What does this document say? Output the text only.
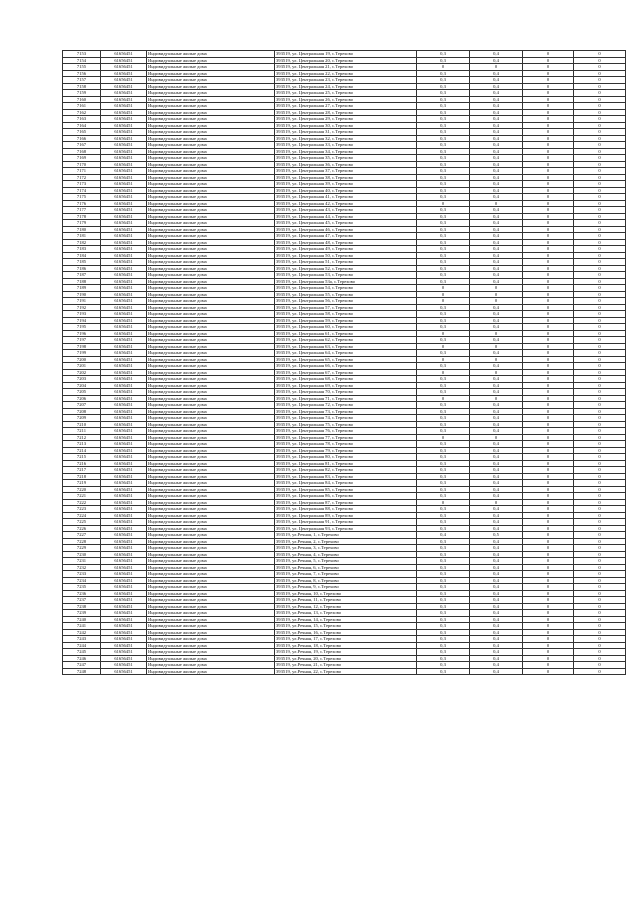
7153	61656451	Индивидуальные жилые дома	393519, ул. Центральная 19, с.Терехово	0,3	0,4	0	0
7154	61656451	Индивидуальные жилые дома	393519, ул. Центральная 20, с.Терехово	0,3	0,4	0	0
7155	61656451	Индивидуальные жилые дома	393519, ул. Центральная 21, с.Терехово	0	0	0	0
7156	61656451	Индивидуальные жилые дома	393519, ул. Центральная 22, с.Терехово	0,3	0,4	0	0
7157	61656451	Индивидуальные жилые дома	393519, ул. Центральная 23, с.Терехово	0,3	0,4	0	0
7158	61656451	Индивидуальные жилые дома	393519, ул. Центральная 24, с.Терехово	0,3	0,4	0	0
7159	61656451	Индивидуальные жилые дома	393519, ул. Центральная 25, с.Терехово	0,3	0,4	0	0
7160	61656451	Индивидуальные жилые дома	393519, ул. Центральная 26, с.Терехово	0,3	0,4	0	0
7161	61656451	Индивидуальные жилые дома	393519, ул. Центральная 27, с.Терехово	0,3	0,4	0	0
7162	61656451	Индивидуальные жилые дома	393519, ул. Центральная 28, с.Терехово	0,3	0,4	0	0
7163	61656451	Индивидуальные жилые дома	393519, ул. Центральная 29, с.Терехово	0,3	0,4	0	0
7164	61656451	Индивидуальные жилые дома	393519, ул. Центральная 30, с.Терехово	0,3	0,4	0	0
7165	61656451	Индивидуальные жилые дома	393519, ул. Центральная 31, с.Терехово	0,3	0,4	0	0
7166	61656451	Индивидуальные жилые дома	393519, ул. Центральная 32, с.Терехово	0,3	0,4	0	0
7167	61656451	Индивидуальные жилые дома	393519, ул. Центральная 33, с.Терехово	0,3	0,4	0	0
7168	61656451	Индивидуальные жилые дома	393519, ул. Центральная 34, с.Терехово	0,3	0,4	0	0
7169	61656451	Индивидуальные жилые дома	393519, ул. Центральная 35, с.Терехово	0,3	0,4	0	0
7170	61656451	Индивидуальные жилые дома	393519, ул. Центральная 36, с.Терехово	0,3	0,4	0	0
7171	61656451	Индивидуальные жилые дома	393519, ул. Центральная 37, с.Терехово	0,3	0,4	0	0
7172	61656451	Индивидуальные жилые дома	393519, ул. Центральная 38, с.Терехово	0,3	0,4	0	0
7173	61656451	Индивидуальные жилые дома	393519, ул. Центральная 39, с.Терехово	0,3	0,4	0	0
7174	61656451	Индивидуальные жилые дома	393519, ул. Центральная 40, с.Терехово	0,3	0,4	0	0
7175	61656451	Индивидуальные жилые дома	393519, ул. Центральная 41, с.Терехово	0,3	0,4	0	0
7176	61656451	Индивидуальные жилые дома	393519, ул. Центральная 42, с.Терехово	0	0	0	0
7177	61656451	Индивидуальные жилые дома	393519, ул. Центральная 43, с.Терехово	0,3	0,4	0	0
7178	61656451	Индивидуальные жилые дома	393519, ул. Центральная 44, с.Терехово	0,3	0,4	0	0
7179	61656451	Индивидуальные жилые дома	393519, ул. Центральная 45, с.Терехово	0,3	0,4	0	0
7180	61656451	Индивидуальные жилые дома	393519, ул. Центральная 46, с.Терехово	0,3	0,4	0	0
7181	61656451	Индивидуальные жилые дома	393519, ул. Центральная 47, с.Терехово	0,3	0,4	0	0
7182	61656451	Индивидуальные жилые дома	393519, ул. Центральная 48, с.Терехово	0,3	0,4	0	0
7183	61656451	Индивидуальные жилые дома	393519, ул. Центральная 49, с.Терехово	0,3	0,4	0	0
7184	61656451	Индивидуальные жилые дома	393519, ул. Центральная 50, с.Терехово	0,3	0,4	0	0
7185	61656451	Индивидуальные жилые дома	393519, ул. Центральная 51, с.Терехово	0,3	0,4	0	0
7186	61656451	Индивидуальные жилые дома	393519, ул. Центральная 52, с.Терехово	0,3	0,4	0	0
7187	61656451	Индивидуальные жилые дома	393519, ул. Центральная 53, с.Терехово	0,3	0,4	0	0
7188	61656451	Индивидуальные жилые дома	393519, ул. Центральная 53а, с.Терехово	0,3	0,4	0	0
7189	61656451	Индивидуальные жилые дома	393519, ул. Центральная 54, с.Терехово	0	0	0	0
7190	61656451	Индивидуальные жилые дома	393519, ул. Центральная 55, с.Терехово	0	0	0	0
7191	61656451	Индивидуальные жилые дома	393519, ул. Центральная 56, с.Терехово	0	0	0	0
7192	61656451	Индивидуальные жилые дома	393519, ул. Центральная 57, с.Терехово	0,3	0,4	0	0
7193	61656451	Индивидуальные жилые дома	393519, ул. Центральная 58, с.Терехово	0,3	0,4	0	0
7194	61656451	Индивидуальные жилые дома	393519, ул. Центральная 59, с.Терехово	0,3	0,4	0	0
7195	61656451	Индивидуальные жилые дома	393519, ул. Центральная 60, с.Терехово	0,3	0,4	0	0
7196	61656451	Индивидуальные жилые дома	393519, ул. Центральная 61, с.Терехово	0	0	0	0
7197	61656451	Индивидуальные жилые дома	393519, ул. Центральная 62, с.Терехово	0,3	0,4	0	0
7198	61656451	Индивидуальные жилые дома	393519, ул. Центральная 63, с.Терехово	0	0	0	0
7199	61656451	Индивидуальные жилые дома	393519, ул. Центральная 64, с.Терехово	0,3	0,4	0	0
7200	61656451	Индивидуальные жилые дома	393519, ул. Центральная 65, с.Терехово	0	0	0	0
7201	61656451	Индивидуальные жилые дома	393519, ул. Центральная 66, с.Терехово	0,3	0,4	0	0
7202	61656451	Индивидуальные жилые дома	393519, ул. Центральная 67, с.Терехово	0	0	0	0
7203	61656451	Индивидуальные жилые дома	393519, ул. Центральная 68, с.Терехово	0,3	0,4	0	0
7204	61656451	Индивидуальные жилые дома	393519, ул. Центральная 69, с.Терехово	0,3	0,4	0	0
7205	61656451	Индивидуальные жилые дома	393519, ул. Центральная 70, с.Терехово	0,3	0,4	0	0
7206	61656451	Индивидуальные жилые дома	393519, ул. Центральная 71, с.Терехово	0	0	0	0
7207	61656451	Индивидуальные жилые дома	393519, ул. Центральная 72, с.Терехово	0,3	0,4	0	0
7208	61656451	Индивидуальные жилые дома	393519, ул. Центральная 73, с.Терехово	0,3	0,4	0	0
7209	61656451	Индивидуальные жилые дома	393519, ул. Центральная 74, с.Терехово	0,3	0,4	0	0
7210	61656451	Индивидуальные жилые дома	393519, ул. Центральная 75, с.Терехово	0,3	0,4	0	0
7211	61656451	Индивидуальные жилые дома	393519, ул. Центральная 76, с.Терехово	0,3	0,4	0	0
7212	61656451	Индивидуальные жилые дома	393519, ул. Центральная 77, с.Терехово	0	0	0	0
7213	61656451	Индивидуальные жилые дома	393519, ул. Центральная 78, с.Терехово	0,3	0,4	0	0
7214	61656451	Индивидуальные жилые дома	393519, ул. Центральная 79, с.Терехово	0,3	0,4	0	0
7215	61656451	Индивидуальные жилые дома	393519, ул. Центральная 80, с.Терехово	0,3	0,4	0	0
7216	61656451	Индивидуальные жилые дома	393519, ул. Центральная 81, с.Терехово	0,3	0,4	0	0
7217	61656451	Индивидуальные жилые дома	393519, ул. Центральная 82, с.Терехово	0,3	0,4	0	0
7218	61656451	Индивидуальные жилые дома	393519, ул. Центральная 83, с.Терехово	0,3	0,4	0	0
7219	61656451	Индивидуальные жилые дома	393519, ул. Центральная 84, с.Терехово	0,3	0,4	0	0
7220	61656451	Индивидуальные жилые дома	393519, ул. Центральная 85, с.Терехово	0,3	0,4	0	0
7221	61656451	Индивидуальные жилые дома	393519, ул. Центральная 86, с.Терехово	0,3	0,4	0	0
7222	61656451	Индивидуальные жилые дома	393519, ул. Центральная 87, с.Терехово	0	0	0	0
7223	61656451	Индивидуальные жилые дома	393519, ул. Центральная 88, с.Терехово	0,3	0,4	0	0
7224	61656451	Индивидуальные жилые дома	393519, ул. Центральная 89, с.Терехово	0,3	0,4	0	0
7225	61656451	Индивидуальные жилые дома	393519, ул. Центральная 91, с.Терехово	0,3	0,4	0	0
7226	61656451	Индивидуальные жилые дома	393519, ул. Центральная 93, с.Терехово	0,3	0,4	0	0
7227	61656451	Индивидуальные жилые дома	393519, ул.Речная, 1, с.Терехово	0,4	0,5	0	0
7228	61656451	Индивидуальные жилые дома	393519, ул.Речная, 2, с.Терехово	0,3	0,4	0	0
7229	61656451	Индивидуальные жилые дома	393519, ул.Речная, 3, с.Терехово	0,3	0,4	0	0
7230	61656451	Индивидуальные жилые дома	393519, ул.Речная, 4, с.Терехово	0,3	0,4	0	0
7231	61656451	Индивидуальные жилые дома	393519, ул.Речная, 5, с.Терехово	0,3	0,4	0	0
7232	61656451	Индивидуальные жилые дома	393519, ул.Речная, 6, с.Терехово	0,3	0,4	0	0
7233	61656451	Индивидуальные жилые дома	393519, ул.Речная, 7, с.Терехово	0,3	0,4	0	0
7234	61656451	Индивидуальные жилые дома	393519, ул.Речная, 8, с.Терехово	0,3	0,4	0	0
7235	61656451	Индивидуальные жилые дома	393519, ул.Речная, 9, с.Терехово	0,3	0,4	0	0
7236	61656451	Индивидуальные жилые дома	393519, ул.Речная, 10, с.Терехово	0,3	0,4	0	0
7237	61656451	Индивидуальные жилые дома	393519, ул.Речная, 11, с.Терехово	0,3	0,4	0	0
7238	61656451	Индивидуальные жилые дома	393519, ул.Речная, 12, с.Терехово	0,3	0,4	0	0
7239	61656451	Индивидуальные жилые дома	393519, ул.Речная, 13, с.Терехово	0,3	0,4	0	0
7240	61656451	Индивидуальные жилые дома	393519, ул.Речная, 14, с.Терехово	0,3	0,4	0	0
7241	61656451	Индивидуальные жилые дома	393519, ул.Речная, 15, с.Терехово	0,3	0,4	0	0
7242	61656451	Индивидуальные жилые дома	393519, ул.Речная, 16, с.Терехово	0,3	0,4	0	0
7243	61656451	Индивидуальные жилые дома	393519, ул.Речная, 17, с.Терехово	0,3	0,4	0	0
7244	61656451	Индивидуальные жилые дома	393519, ул.Речная, 18, с.Терехово	0,3	0,4	0	0
7245	61656451	Индивидуальные жилые дома	393519, ул.Речная, 19, с.Терехово	0,3	0,4	0	0
7246	61656451	Индивидуальные жилые дома	393519, ул.Речная, 20, с.Терехово	0,3	0,4	0	0
7247	61656451	Индивидуальные жилые дома	393519, ул.Речная, 21, с.Терехово	0,3	0,4	0	0
7248	61656451	Индивидуальные жилые дома	393519, ул.Речная, 22, с.Терехово	0,3	0,4	0	0
